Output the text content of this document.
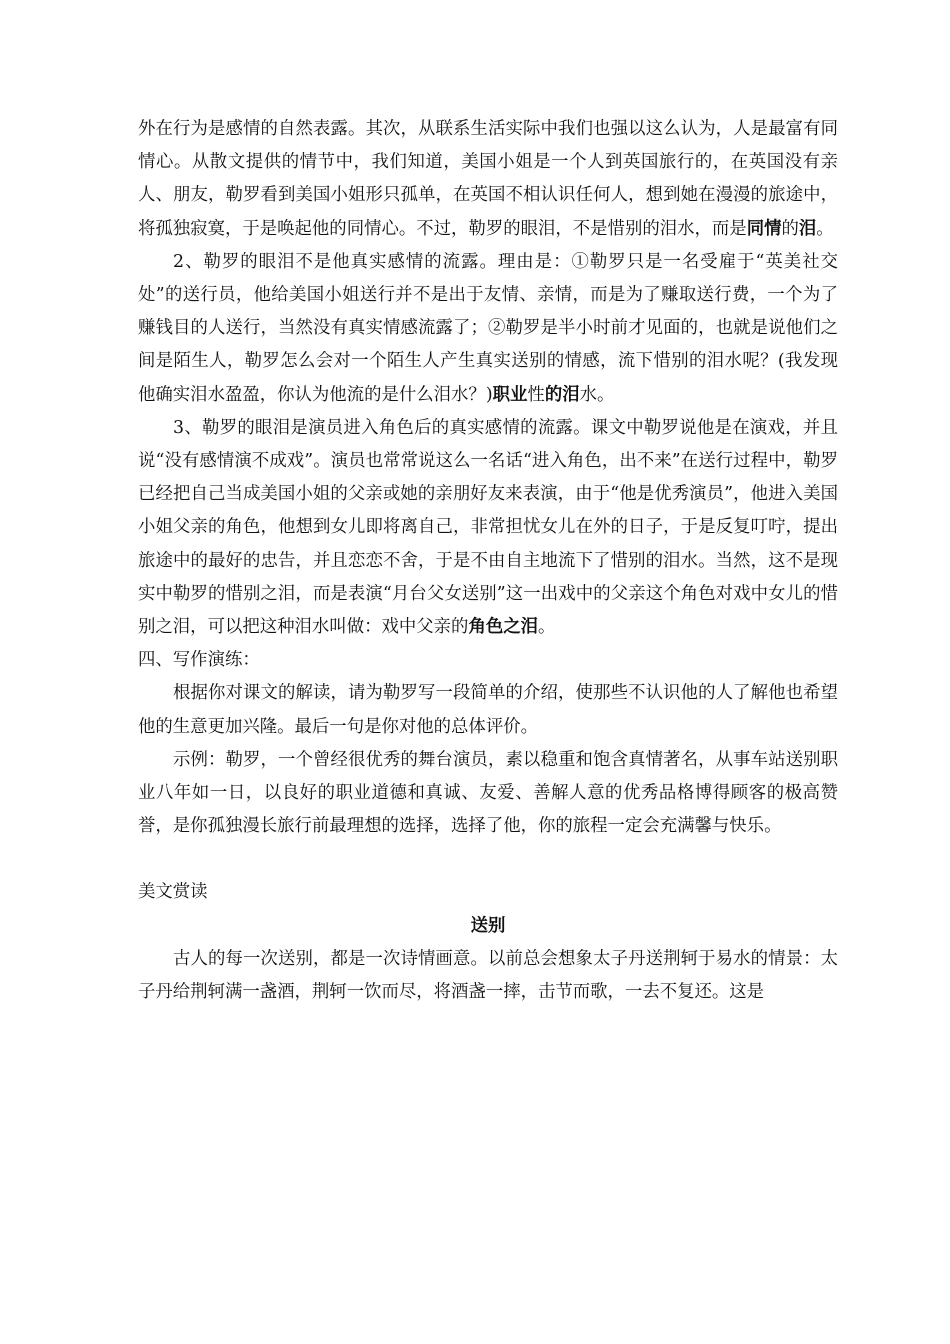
外在行为是感情的自然表露。其次，从联系生活实际中我们也强以这么认为，人是最富有同情心。从散文提供的情节中，我们知道，美国小姐是一个人到英国旅行的，在英国没有亲人、朋友，勒罗看到美国小姐形只孤单，在英国不相认识任何人，想到她在漫漫的旅途中，将孤独寂寞，于是唤起他的同情心。不过，勒罗的眼泪，不是惜别的泪水，而是同情的泪。

2、勒罗的眼泪不是他真实感情的流露。理由是：①勒罗只是一名受雇于“英美社交处”的送行员，他给美国小姐送行并不是出于友情、亲情，而是为了赚取送行费，一个为了赚钱目的人送行，当然没有真实情感流露了；②勒罗是半小时前才见面的，也就是说他们之间是陌生人，勒罗怎么会对一个陌生人产生真实送别的情感，流下惜别的泪水呢？(我发现他确实泪水盈盈，你认为他流的是什么泪水？)职业性的泪水。

3、勒罗的眼泪是演员进入角色后的真实感情的流露。课文中勒罗说他是在演戏，并且说“没有感情演不成戏”。演员也常常说这么一名话“进入角色，出不来”在送行过程中，勒罗已经把自己当成美国小姐的父亲或她的亲朋好友来表演，由于“他是优秀演员”，他进入美国小姐父亲的角色，他想到女儿即将离自己，非常担忧女儿在外的日子，于是反复叮咛，提出旅途中的最好的忠告，并且恋恋不舍，于是不由自主地流下了惜别的泪水。当然，这不是现实中勒罗的惜别之泪，而是表演“月台父女送别”这一出戏中的父亲这个角色对戏中女儿的惜别之泪，可以把这种泪水叫做：戏中父亲的角色之泪。

四、写作演练：

根据你对课文的解读，请为勒罗写一段简单的介绍，使那些不认识他的人了解他也希望他的生意更加兴隆。最后一句是你对他的总体评价。

示例：勒罗，一个曾经很优秀的舞台演员，素以稳重和饱含真情著名，从事车站送别职业八年如一日，以良好的职业道德和真诚、友爱、善解人意的优秀品格博得顾客的极高赞誉，是你孤独漫长旅行前最理想的选择，选择了他，你的旅程一定会充满馨与快乐。

美文赏读

送别

古人的每一次送别，都是一次诗情画意。以前总会想象太子丹送荆轲于易水的情景：太子丹给荆轲满一盏酒，荆轲一饮而尽，将酒盏一摔，击节而歌，一去不复还。这是
